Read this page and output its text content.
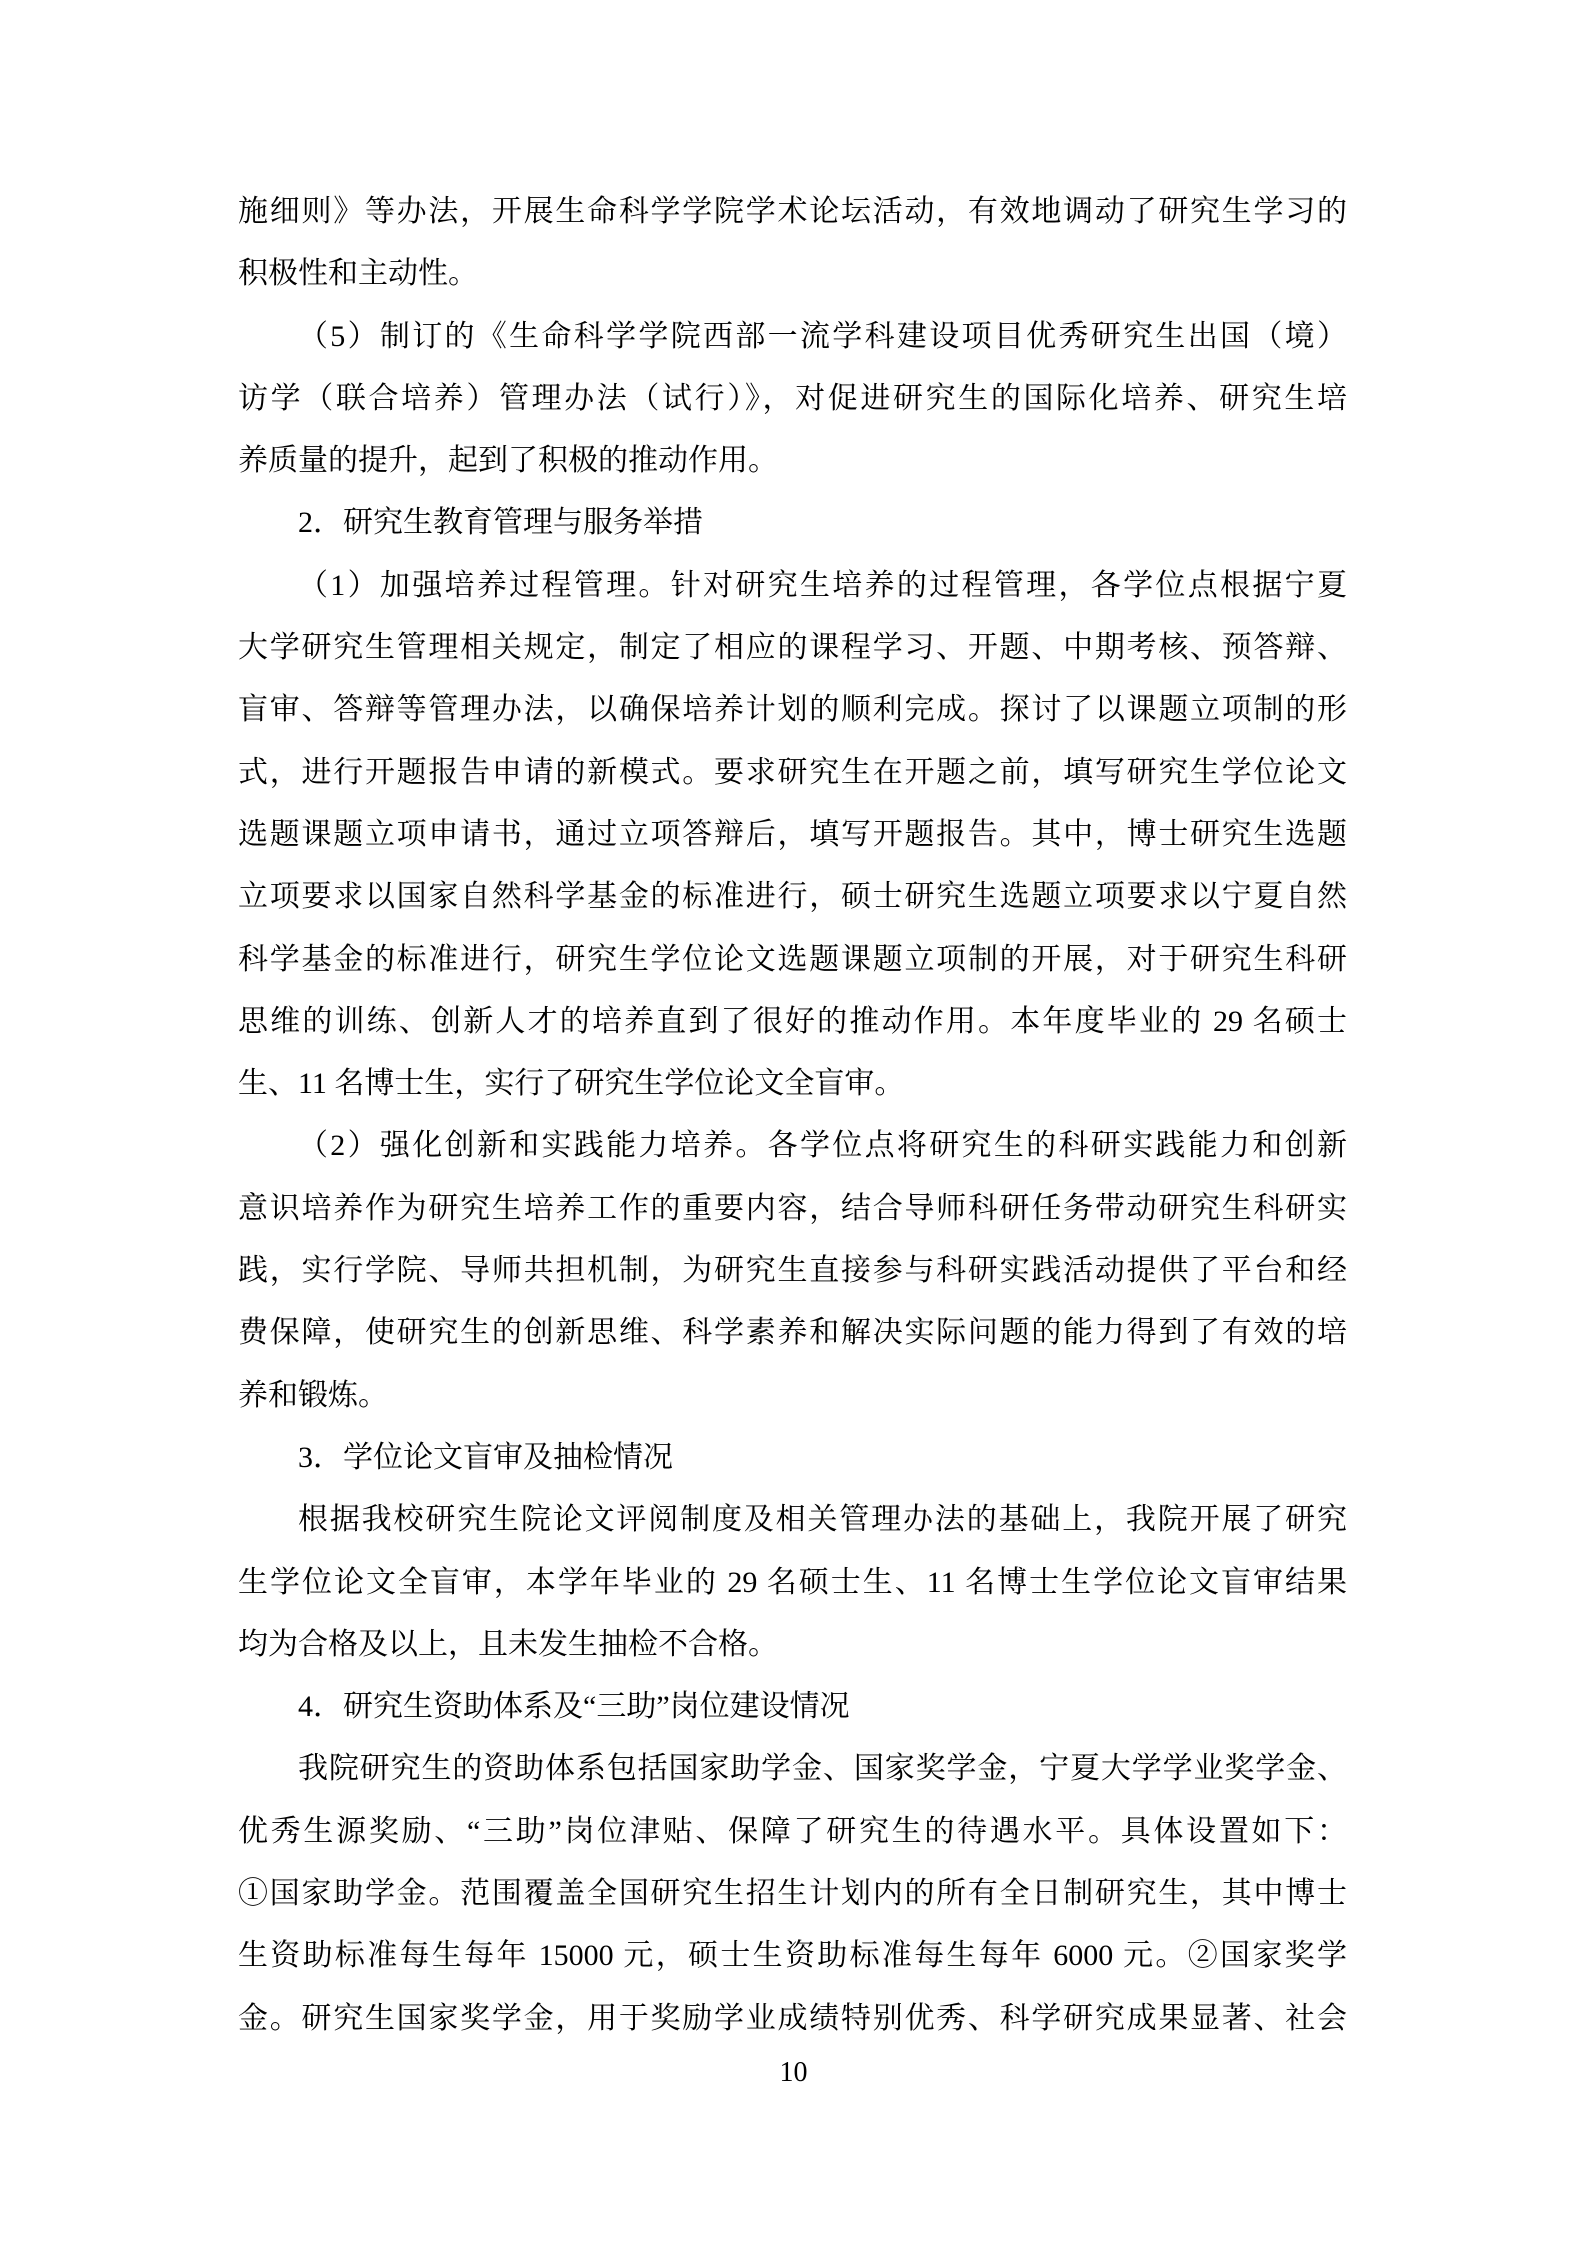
施细则》等办法，开展生命科学学院学术论坛活动，有效地调动了研究生学习的
积极性和主动性。
（5）制订的《生命科学学院西部一流学科建设项目优秀研究生出国（境）
访学（联合培养）管理办法（试行）》，对促进研究生的国际化培养、研究生培
养质量的提升，起到了积极的推动作用。
2．研究生教育管理与服务举措
（1）加强培养过程管理。针对研究生培养的过程管理，各学位点根据宁夏
大学研究生管理相关规定，制定了相应的课程学习、开题、中期考核、预答辩、
盲审、答辩等管理办法，以确保培养计划的顺利完成。探讨了以课题立项制的形
式，进行开题报告申请的新模式。要求研究生在开题之前，填写研究生学位论文
选题课题立项申请书，通过立项答辩后，填写开题报告。其中，博士研究生选题
立项要求以国家自然科学基金的标准进行，硕士研究生选题立项要求以宁夏自然
科学基金的标准进行，研究生学位论文选题课题立项制的开展，对于研究生科研
思维的训练、创新人才的培养直到了很好的推动作用。本年度毕业的 29 名硕士
生、11 名博士生，实行了研究生学位论文全盲审。
（2）强化创新和实践能力培养。各学位点将研究生的科研实践能力和创新
意识培养作为研究生培养工作的重要内容，结合导师科研任务带动研究生科研实
践，实行学院、导师共担机制，为研究生直接参与科研实践活动提供了平台和经
费保障，使研究生的创新思维、科学素养和解决实际问题的能力得到了有效的培
养和锻炼。
3．学位论文盲审及抽检情况
根据我校研究生院论文评阅制度及相关管理办法的基础上，我院开展了研究
生学位论文全盲审，本学年毕业的 29 名硕士生、11 名博士生学位论文盲审结果
均为合格及以上，且未发生抽检不合格。
4．研究生资助体系及“三助”岗位建设情况
我院研究生的资助体系包括国家助学金、国家奖学金，宁夏大学学业奖学金、
优秀生源奖励、“三助”岗位津贴、保障了研究生的待遇水平。具体设置如下：
①国家助学金。范围覆盖全国研究生招生计划内的所有全日制研究生，其中博士
生资助标准每生每年 15000 元，硕士生资助标准每生每年 6000 元。②国家奖学
金。研究生国家奖学金，用于奖励学业成绩特别优秀、科学研究成果显著、社会
10
